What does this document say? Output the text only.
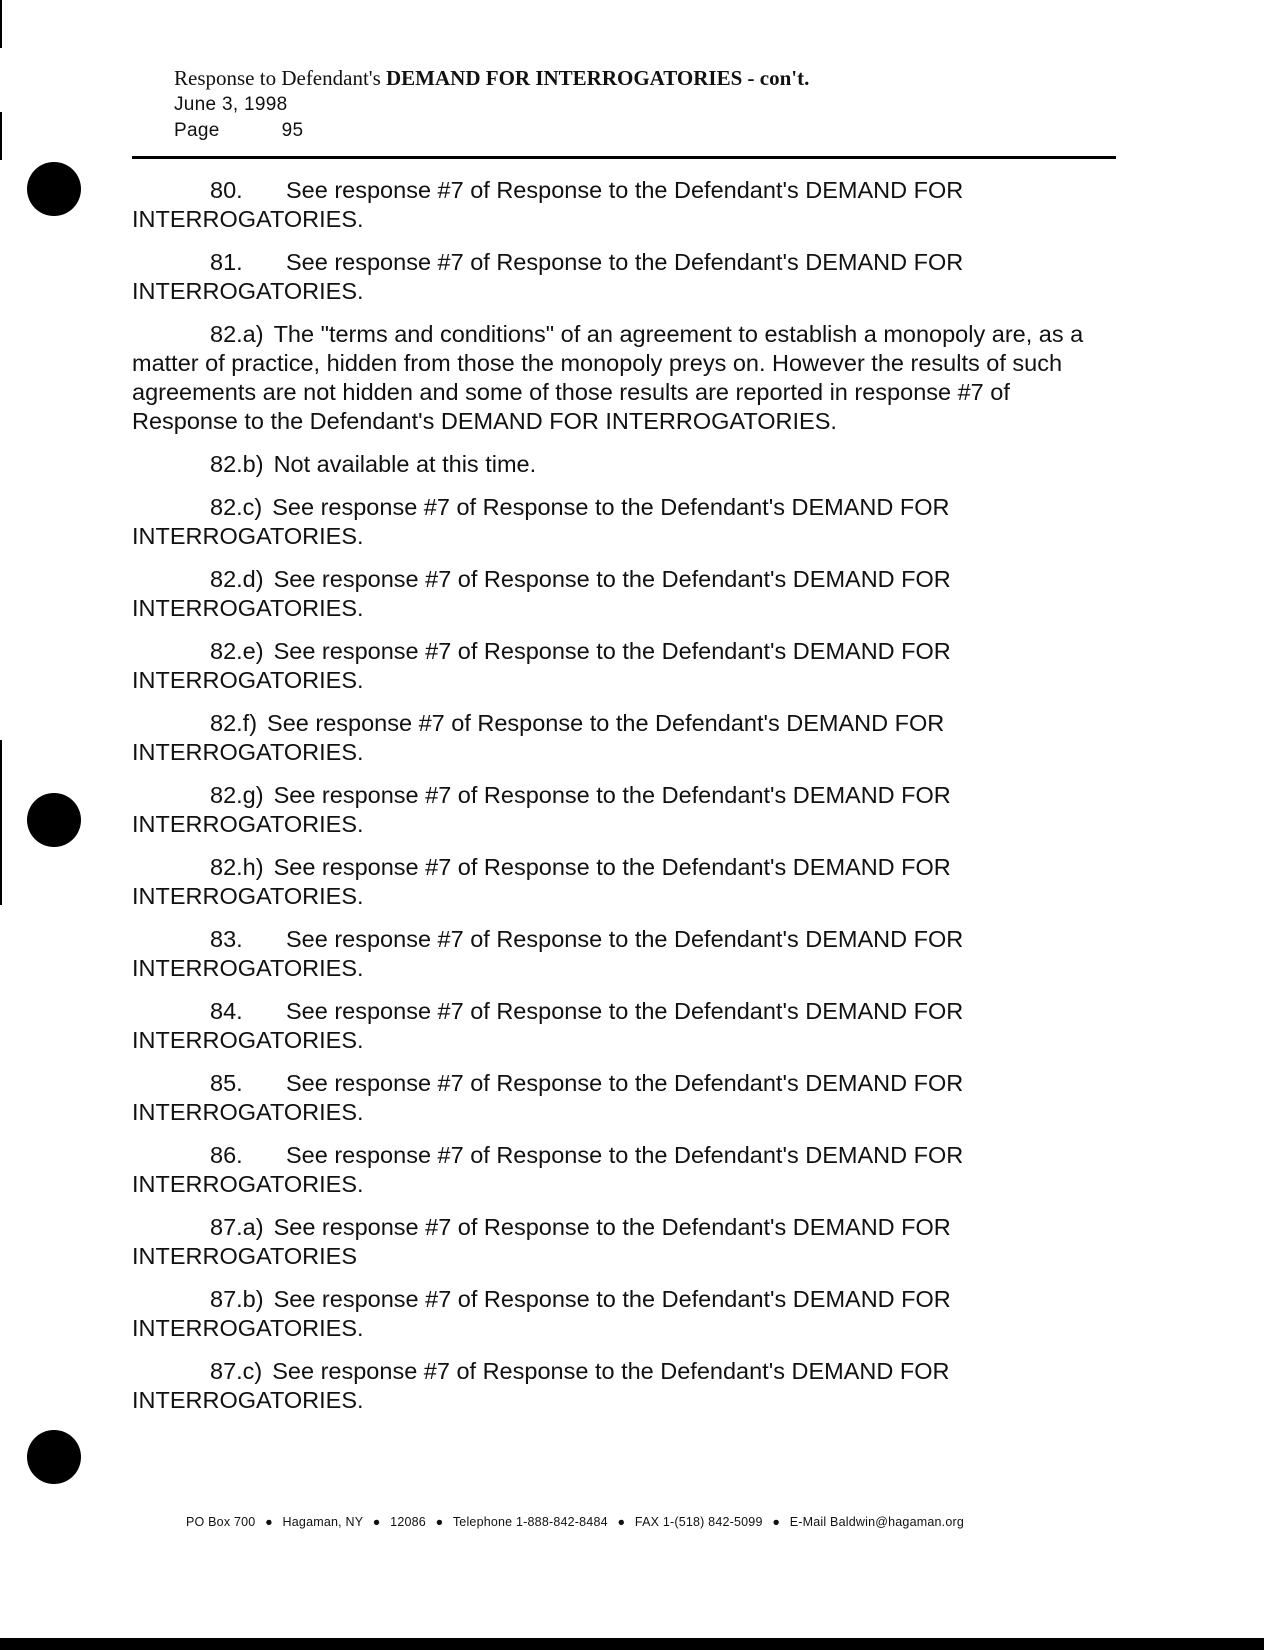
Response to Defendant's DEMAND FOR INTERROGATORIES - con't.
June 3, 1998
Page	95

80. See response #7 of Response to the Defendant's DEMAND FOR INTERROGATORIES.

81. See response #7 of Response to the Defendant's DEMAND FOR INTERROGATORIES.

82.a) The "terms and conditions" of an agreement to establish a monopoly are, as a matter of practice, hidden from those the monopoly preys on. However the results of such agreements are not hidden and some of those results are reported in response #7 of Response to the Defendant's DEMAND FOR INTERROGATORIES.

82.b) Not available at this time.

82.c) See response #7 of Response to the Defendant's DEMAND FOR INTERROGATORIES.

82.d) See response #7 of Response to the Defendant's DEMAND FOR INTERROGATORIES.

82.e) See response #7 of Response to the Defendant's DEMAND FOR INTERROGATORIES.

82.f) See response #7 of Response to the Defendant's DEMAND FOR INTERROGATORIES.

82.g) See response #7 of Response to the Defendant's DEMAND FOR INTERROGATORIES.

82.h) See response #7 of Response to the Defendant's DEMAND FOR INTERROGATORIES.

83. See response #7 of Response to the Defendant's DEMAND FOR INTERROGATORIES.

84. See response #7 of Response to the Defendant's DEMAND FOR INTERROGATORIES.

85. See response #7 of Response to the Defendant's DEMAND FOR INTERROGATORIES.

86. See response #7 of Response to the Defendant's DEMAND FOR INTERROGATORIES.

87.a) See response #7 of Response to the Defendant's DEMAND FOR INTERROGATORIES

87.b) See response #7 of Response to the Defendant's DEMAND FOR INTERROGATORIES.

87.c) See response #7 of Response to the Defendant's DEMAND FOR INTERROGATORIES.

PO Box 700 ● Hagaman, NY ● 12086 ● Telephone 1-888-842-8484 ● FAX 1-(518) 842-5099 ● E-Mail Baldwin@hagaman.org
